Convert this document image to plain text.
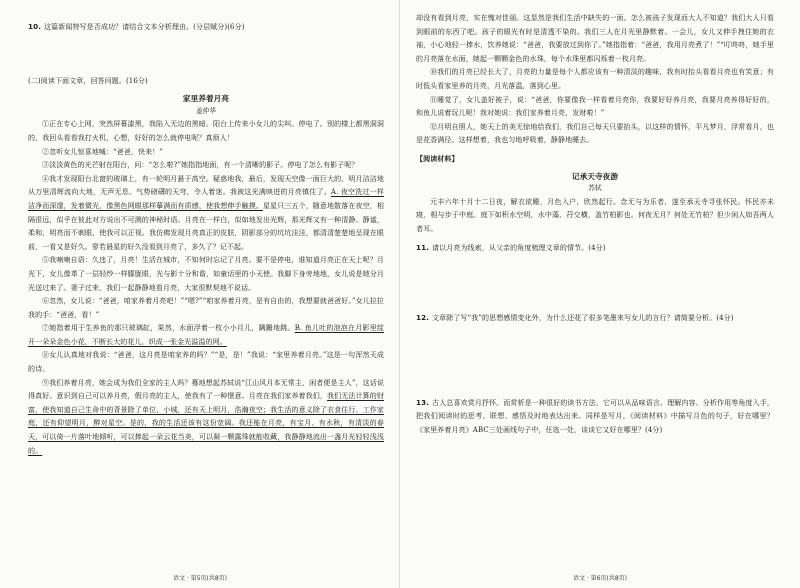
10. 这篇新闻特写是否成功？请结合文本分析理由。(分层赋分)(6分)

(二)阅读下面文章，回答问题。(16分)

家里养着月亮

姜仲华

①正在专心上网，突然屏幕漆黑，我陷入无边的黑暗。阳台上传来小女儿的尖叫。停电了。别的楼上都黑洞洞的，我回头看看我打火机，心想，好好的怎么就停电呢？真烦人！

②忽听女儿惊喜地喊：“爸爸，快来！”

③淡淡黄色的光芒射在阳台，问：“怎么啦?”她指指地面，有一个清晰的影子。停电了怎么有影子呢？

④我才发现阳台北窗的玻璃上，有一轮明月悬于高空。疑惑地我，最后，发现天空像一面巨大的、明月洁洁地从万里清辉流向大地，无声无息。气势磅礴的天穹，令人着迷。我被这光满映进的月亮镇住了。A. 夜空洗过一样洁净而深邃，发着微光，像黑色网眼那样摹满而有质感，使我想伸手触摸。星星只三五个，随意地散落在夜空，相隔很远，似乎在彼此对方说出不可测的神秘时语。月亮在一样白，似如地发出光辉，那光辉又有一种清静、静谧，柔和，明亮而不刺眼，使我可以正视。我仿佛发现月亮真正的皮肤，阴影部分的坑坑洼洼，都清清楚楚地呈现在眼前，一看又是好久。寥若晨星的好久没看到月亮了，多久了？记不起。

⑤我喃喃自语：久违了，月亮！生活在城市，不知何时忘记了月亮。要不是停电，谁知道月亮正在天上呢？月光下，女儿像革了一层轻纱一样朦胧眼，光与影十分和谐，如童话里的小天使。我脚下身旁地地，女儿说是她分月光送过来了。妻子过来，我们一起静静地看月亮，大家很默契地不说话。

⑥忽然，女儿说：“爸爸，咱家养着月亮吧！”“嗯?”“咱家养着月亮，是有自由的，我想要就爸爸好。”女儿拉拉我的手：“爸爸，看！”

⑦她指着用于生养鱼的那只玻璃缸，果然，水面浮着一枚小小月儿，蹒跚地跳。B. 鱼儿吐的泡泡在月影里绽开一朵朵金色小花，不断长大的花儿，织成一张金光溢溢的网。

⑧女儿认真地对我说：“爸爸，这月亮是咱家养的吗？”“是，是！”我说：“家里养着月亮。”这是一句浑然天成的诗。

⑨我们养着月亮，她会成为我们全家的主人吗？蓦地想起苏轼说“江山风月本无常主，闲者便是主人”，这话说得真好。意识到自己可以养月亮，假月亮的主人，使我有了一种惬意。月亮在我们家养着我们，我们无法计算的财富，使我知道自己生命中的背景除了单位、小城，还有天上明月，浩瀚夜空；我生活的意义除了衣食住行、工作家庭，还有仰望明月，醉对星空。是的，我的生活还该有这份宽阔。我还能在月亮，有宝月、有水秋，有清淡的春天，可以倚一片落叶地倾听，可以捧起一朵云花当美，可以凝一颗露珠就能收藏，我静静地流出一盏月光轻轻浅浅的。

却没有看到月亮，实在愧对佳丽。这显然是我们生活中缺失的一面。怎么被孩子发现而大人不知道？我们大人只看到眼前的东西了吧。孩子的眼光有时是清透不染的。我们三人在月光里静默着。一会儿，女儿又伸手拽住她的衣袖，小心地轻一捧水，饮养她说：“爸爸，我要放过到你了。”她指指着：“爸爸，我用月亮煮了！”“叮咚咚，她手里的月亮落在水面，她起一颗颗金色的水珠，每个水珠里都闪烁着一枚月亮。

⑩我们的月亮已经长大了，月亮的力量是每个人都应该有一种清淡的趣味，我有时抬头看看月亮也有笑意；有时低头看家里养的月亮，月光落温，落到心里。

⑪睡觉了，女儿盖好被子，说：“爸爸，你要像我一样看着月亮你，我要好好养月亮，我要月亮养得好好的，和鱼儿说着玩儿呢！我对她说：我们家养着月亮，发财啦！”

⑫月明自照人，她天上的美无惊地给我们，我们自己每天只要抬头，以这样的情怀，平凡梦月，浮常看月，也是花香满径。这样想着，我也匀地呼吸着，静静地睡去。

【阅读材料】

记承天寺夜游

苏轼

元丰六年十月十二日夜，解衣欲睡，月色入户，欣然起行。念无与为乐者，遂至承天寺寻张怀民。怀民亦未寝，相与步于中庭。庭下如积水空明，水中藻、荇交横，盖竹柏影也。何夜无月？何处无竹柏？但少闲人如吾两人者耳。

11. 请以月亮为线索，从父亲的角度梳理文章的情节。(4分)

12. 文章除了写“我”的思想感情变化外，为什么还花了很多笔墨来写女儿的言行？请简要分析。(4分)

13. 古人总喜欢赏月抒怀。而赏析是一种很好的读书方法，它可以从品味语言、理解内容、分析作用等角度入手，把我们阅读时的思考、联想、感悟及时地表达出来。同样是写月，《阅读材料》中描写月色的句子，好在哪里？《家里养着月亮》ABC三处画线句子中，任选一处，谈谈它又好在哪里？(4分)

语文 · 第5页(共8页)	语文 · 第6页(共8页)
